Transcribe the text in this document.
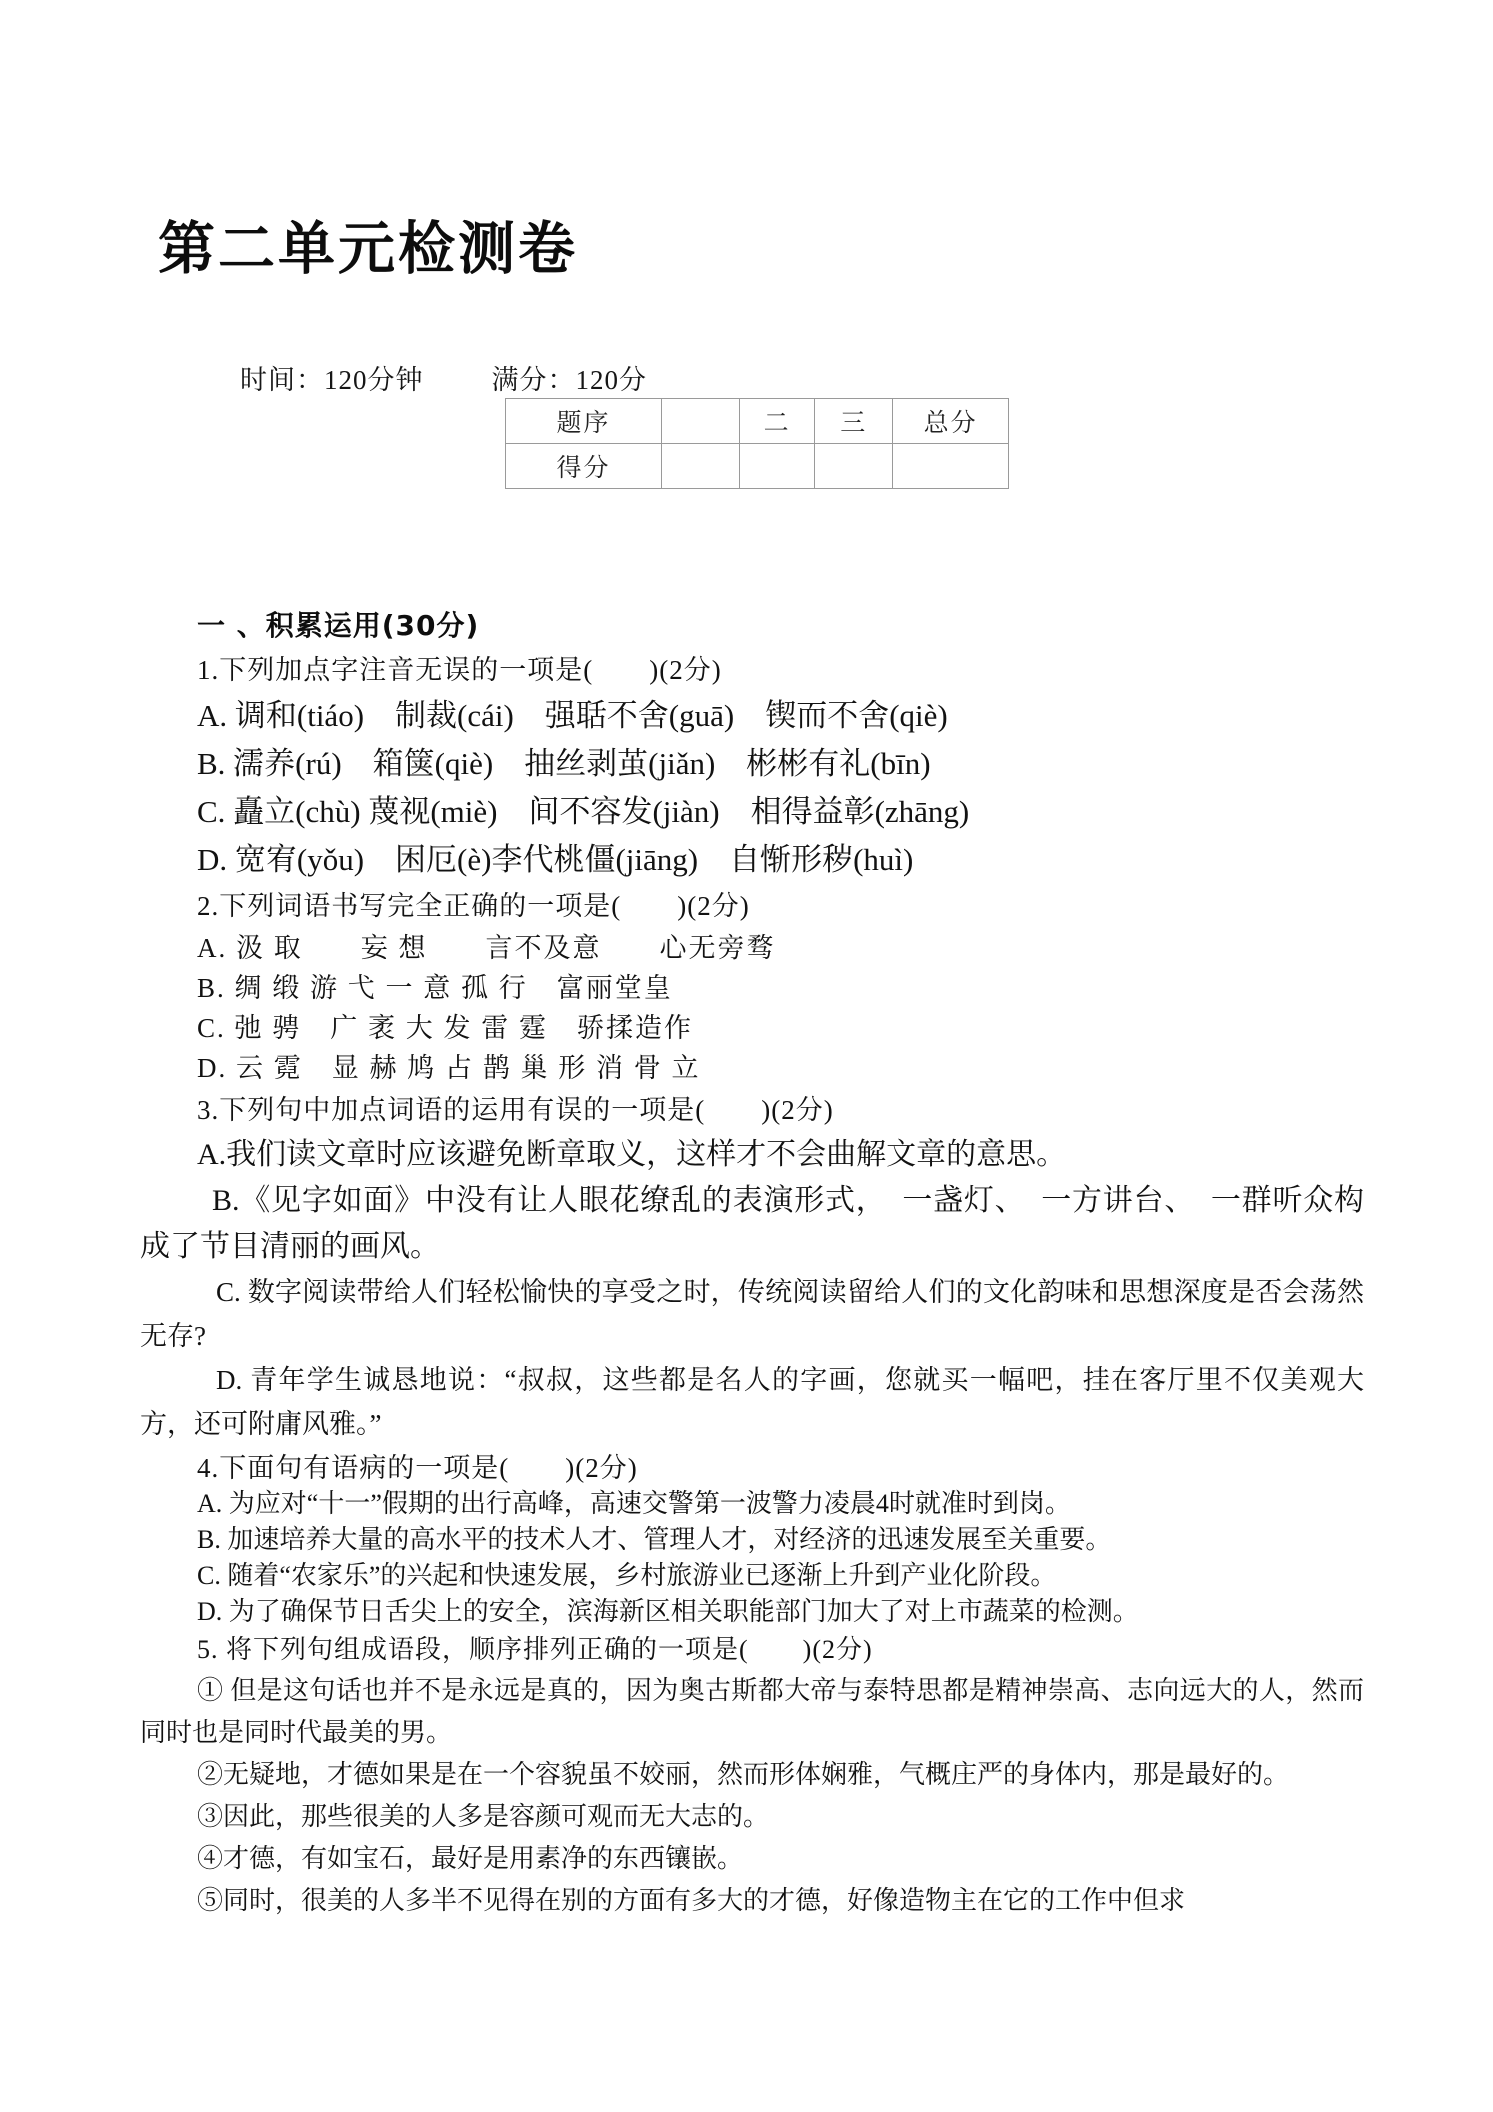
第二单元检测卷
时间：120分钟	满分：120分
题序		二	三	总分
得分				
一 、积累运用(30分)

1.下列加点字注音无误的一项是(　　)(2分)

A. 调和(tiáo)　制裁(cái)　强聒不舍(guā)　锲而不舍(qiè)

B. 濡养(rú)　箱箧(qiè)　抽丝剥茧(jiǎn)　彬彬有礼(bīn)

C. 矗立(chù) 蔑视(miè)　间不容发(jiàn)　相得益彰(zhāng)

D. 宽宥(yǒu)　困厄(è)李代桃僵(jiāng)　自惭形秽(huì)

2.下列词语书写完全正确的一项是(　　)(2分)

A. 汲 取　　妄 想　　言不及意　　心无旁骛

B. 绸 缎 游 弋 一 意 孤 行　富丽堂皇

C. 弛 骋　广 袤 大 发 雷 霆　骄揉造作

D. 云 霓　显 赫 鸠 占 鹊 巢 形 消 骨 立

3.下列句中加点词语的运用有误的一项是(　　)(2分)

A.我们读文章时应该避免断章取义，这样才不会曲解文章的意思。

B.《见字如面》中没有让人眼花缭乱的表演形式，　一盏灯、　一方讲台、　一群听众构成了节目清丽的画风。

C. 数字阅读带给人们轻松愉快的享受之时，传统阅读留给人们的文化韵味和思想深度是否会荡然无存?

D. 青年学生诚恳地说：“叔叔，这些都是名人的字画，您就买一幅吧，挂在客厅里不仅美观大方，还可附庸风雅。”

4.下面句有语病的一项是(　　)(2分)

A. 为应对“十一”假期的出行高峰，高速交警第一波警力凌晨4时就准时到岗。

B. 加速培养大量的高水平的技术人才、管理人才，对经济的迅速发展至关重要。

C. 随着“农家乐”的兴起和快速发展，乡村旅游业已逐渐上升到产业化阶段。

D. 为了确保节日舌尖上的安全，滨海新区相关职能部门加大了对上市蔬菜的检测。

5. 将下列句组成语段，顺序排列正确的一项是(　　)(2分)

① 但是这句话也并不是永远是真的，因为奥古斯都大帝与泰特思都是精神崇高、志向远大的人，然而同时也是同时代最美的男。

②无疑地，才德如果是在一个容貌虽不姣丽，然而形体娴雅，气概庄严的身体内，那是最好的。

③因此，那些很美的人多是容颜可观而无大志的。

④才德，有如宝石，最好是用素净的东西镶嵌。

⑤同时，很美的人多半不见得在别的方面有多大的才德，好像造物主在它的工作中但求
